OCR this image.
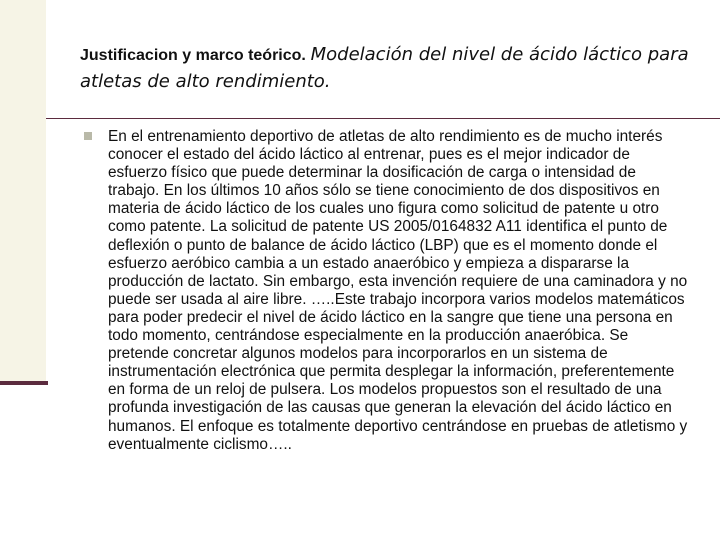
Justificacion y marco teórico. Modelación del nivel de ácido láctico para atletas de alto rendimiento.

En el entrenamiento deportivo de atletas de alto rendimiento es de mucho interés conocer el estado del ácido láctico al entrenar, pues es el mejor indicador de esfuerzo físico que puede determinar la dosificación de carga o intensidad de trabajo. En los últimos 10 años sólo se tiene conocimiento de dos dispositivos en materia de ácido láctico de los cuales uno figura como solicitud de patente u otro como patente. La solicitud de patente US 2005/0164832 A11 identifica el punto de deflexión o punto de balance de ácido láctico (LBP) que es el momento donde el esfuerzo aeróbico cambia a un estado anaeróbico y empieza a dispararse la producción de lactato. Sin embargo, esta invención requiere de una caminadora y no puede ser usada al aire libre. …..Este trabajo incorpora varios modelos matemáticos para poder predecir el nivel de ácido láctico en la sangre que tiene una persona en todo momento, centrándose especialmente en la producción anaeróbica. Se pretende concretar algunos modelos para incorporarlos en un sistema de instrumentación electrónica que permita desplegar la información, preferentemente en forma de un reloj de pulsera. Los modelos propuestos son el resultado de una profunda investigación de las causas que generan la elevación del ácido láctico en humanos. El enfoque es totalmente deportivo centrándose en pruebas de atletismo y eventualmente ciclismo…..
